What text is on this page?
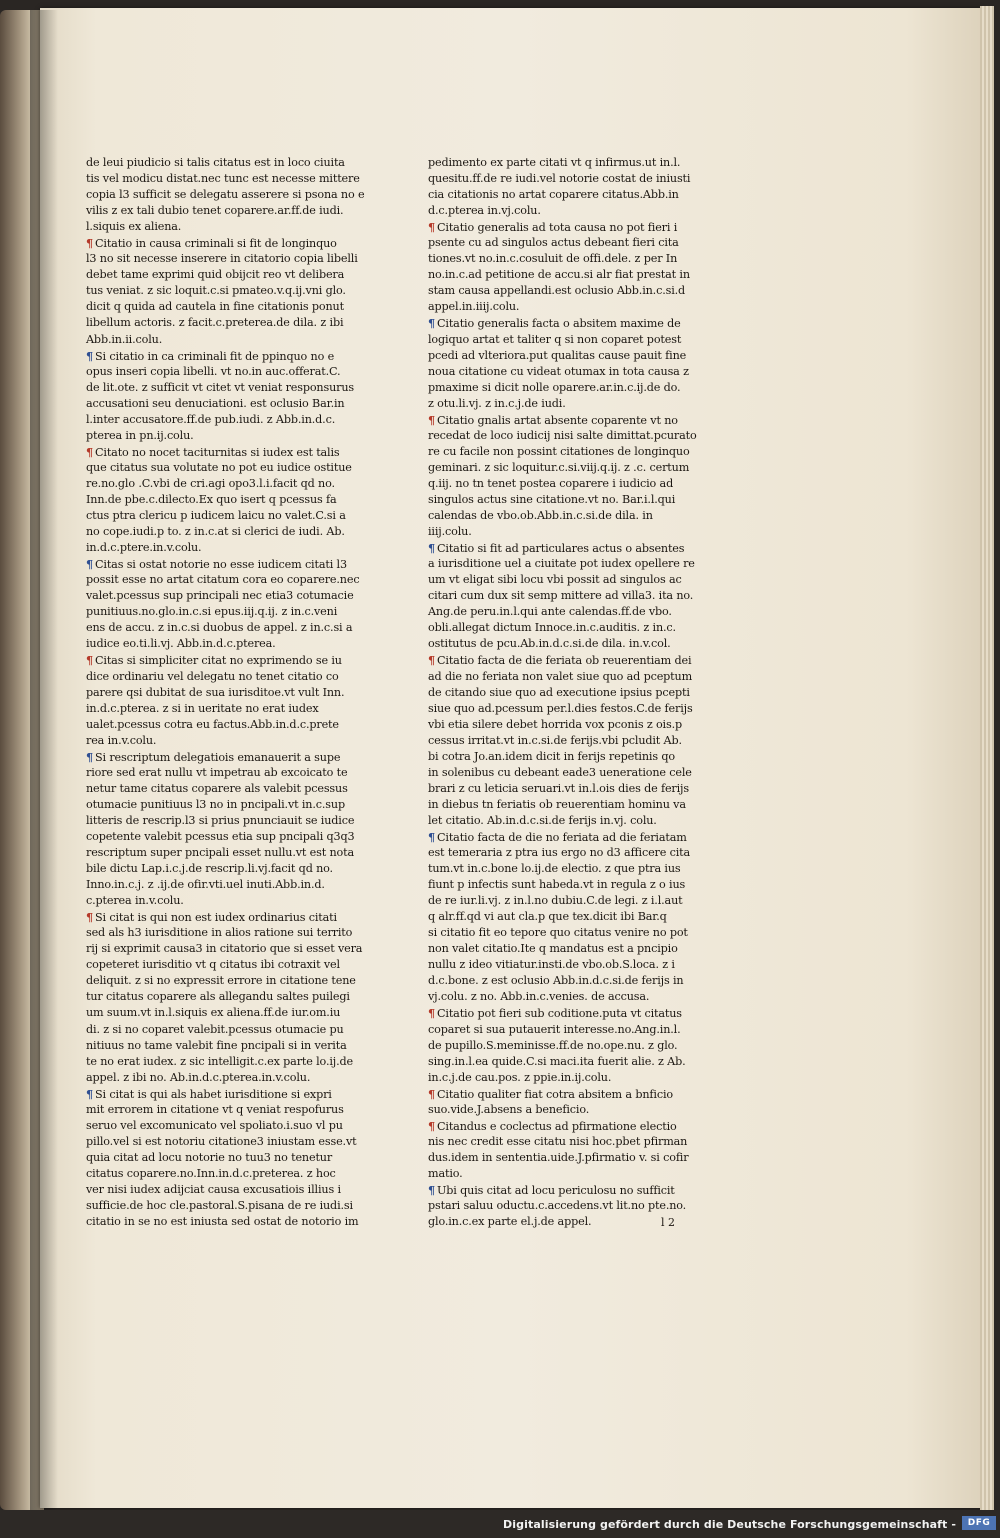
de leui piudicio si talis citatus est in loco ciuita
tis vel modicu distat.nec tunc est necesse mittere
copia l3 sufficit se delegatu asserere si psona no e
vilis z ex tali dubio tenet coparere.ar.ff.de iudi.
l.siquis ex aliena.
¶ Citatio in causa criminali si fit de longinquo
l3 no sit necesse inserere in citatorio copia libelli
debet tame exprimi quid obijcit reo vt delibera
tus veniat. z sic loquit.c.si pmateo.v.q.ij.vni glo.
dicit q quida ad cautela in fine citationis ponut
libellum actoris. z facit.c.preterea.de dila. z ibi
Abb.in.ii.colu.
¶ Si citatio in ca criminali fit de ppinquo no e
opus inseri copia libelli. vt no.in auc.offerat.C.
de lit.ote. z sufficit vt citet vt veniat responsurus
accusationi seu denuciationi. est oclusio Bar.in
l.inter accusatore.ff.de pub.iudi. z Abb.in.d.c.
pterea in pn.ij.colu.
¶ Citato no nocet taciturnitas si iudex est talis
que citatus sua volutate no pot eu iudice ostitue
re.no.glo .C.vbi de cri.agi opo3.l.i.facit qd no.
Inn.de pbe.c.dilecto.Ex quo isert q pcessus fa
ctus ptra clericu p iudicem laicu no valet.C.si a
no cope.iudi.p to. z in.c.at si clerici de iudi. Ab.
in.d.c.ptere.in.v.colu.
¶ Citas si ostat notorie no esse iudicem citati l3
possit esse no artat citatum cora eo coparere.nec
valet.pcessus sup principali nec etia3 cotumacie
punitiuus.no.glo.in.c.si epus.iij.q.ij. z in.c.veni
ens de accu. z in.c.si duobus de appel. z in.c.si a
iudice eo.ti.li.vj. Abb.in.d.c.pterea.
¶ Citas si simpliciter citat no exprimendo se iu
dice ordinariu vel delegatu no tenet citatio co
parere qsi dubitat de sua iurisditoe.vt vult Inn.
in.d.c.pterea. z si in ueritate no erat iudex
ualet.pcessus cotra eu factus.Abb.in.d.c.prete
rea in.v.colu.
¶ Si rescriptum delegatiois emanauerit a supe
riore sed erat nullu vt impetrau ab excoicato te
netur tame citatus coparere als valebit pcessus
otumacie punitiuus l3 no in pncipali.vt in.c.sup
litteris de rescrip.l3 si prius pnunciauit se iudice
copetente valebit pcessus etia sup pncipali q3q3
rescriptum super pncipali esset nullu.vt est nota
bile dictu Lap.i.c.j.de rescrip.li.vj.facit qd no.
Inno.in.c.j. z .ij.de ofir.vti.uel inuti.Abb.in.d.
c.pterea in.v.colu.
¶ Si citat is qui non est iudex ordinarius citati
sed als h3 iurisditione in alios ratione sui territo
rij si exprimit causa3 in citatorio que si esset vera
copeteret iurisditio vt q citatus ibi cotraxit vel
deliquit. z si no expressit errore in citatione tene
tur citatus coparere als allegandu saltes puilegi
um suum.vt in.l.siquis ex aliena.ff.de iur.om.iu
di. z si no coparet valebit.pcessus otumacie pu
nitiuus no tame valebit fine pncipali si in verita
te no erat iudex. z sic intelligit.c.ex parte lo.ij.de
appel. z ibi no. Ab.in.d.c.pterea.in.v.colu.
¶ Si citat is qui als habet iurisditione si expri
mit errorem in citatione vt q veniat respofurus
seruo vel excomunicato vel spoliato.i.suo vl pu
pillo.vel si est notoriu citatione3 iniustam esse.vt
quia citat ad locu notorie no tuu3 no tenetur
citatus coparere.no.Inn.in.d.c.preterea. z hoc
ver nisi iudex adijciat causa excusatiois illius i
sufficie.de hoc cle.pastoral.S.pisana de re iudi.si
citatio in se no est iniusta sed ostat de notorio im
pedimento ex parte citati vt q infirmus.ut in.l.
quesitu.ff.de re iudi.vel notorie costat de iniusti
cia citationis no artat coparere citatus.Abb.in
d.c.pterea in.vj.colu.
¶ Citatio generalis ad tota causa no pot fieri i
psente cu ad singulos actus debeant fieri cita
tiones.vt no.in.c.cosuluit de offi.dele. z per In
no.in.c.ad petitione de accu.si alr fiat prestat in
stam causa appellandi.est oclusio Abb.in.c.si.d
appel.in.iiij.colu.
¶ Citatio generalis facta o absitem maxime de
logiquo artat et taliter q si non coparet potest
pcedi ad vlteriora.put qualitas cause pauit fine
noua citatione cu videat otumax in tota causa z
pmaxime si dicit nolle oparere.ar.in.c.ij.de do.
z otu.li.vj. z in.c.j.de iudi.
¶ Citatio gnalis artat absente coparente vt no
recedat de loco iudicij nisi salte dimittat.pcurato
re cu facile non possint citationes de longinquo
geminari. z sic loquitur.c.si.viij.q.ij. z .c. certum
q.iij. no tn tenet postea coparere i iudicio ad
singulos actus sine citatione.vt no. Bar.i.l.qui
calendas de vbo.ob.Abb.in.c.si.de dila. in
iiij.colu.
¶ Citatio si fit ad particulares actus o absentes
a iurisditione uel a ciuitate pot iudex opellere re
um vt eligat sibi locu vbi possit ad singulos ac
citari cum dux sit semp mittere ad villa3. ita no.
Ang.de peru.in.l.qui ante calendas.ff.de vbo.
obli.allegat dictum Innoce.in.c.auditis. z in.c.
ostitutus de pcu.Ab.in.d.c.si.de dila. in.v.col.
¶ Citatio facta de die feriata ob reuerentiam dei
ad die no feriata non valet siue quo ad pceptum
de citando siue quo ad executione ipsius pcepti
siue quo ad.pcessum per.l.dies festos.C.de ferijs
vbi etia silere debet horrida vox pconis z ois.p
cessus irritat.vt in.c.si.de ferijs.vbi pcludit Ab.
bi cotra Jo.an.idem dicit in ferijs repetinis qo
in solenibus cu debeant eade3 ueneratione cele
brari z cu leticia seruari.vt in.l.ois dies de ferijs
in diebus tn feriatis ob reuerentiam hominu va
let citatio. Ab.in.d.c.si.de ferijs in.vj. colu.
¶ Citatio facta de die no feriata ad die feriatam
est temeraria z ptra ius ergo no d3 afficere cita
tum.vt in.c.bone lo.ij.de electio. z que ptra ius
fiunt p infectis sunt habeda.vt in regula z o ius
de re iur.li.vj. z in.l.no dubiu.C.de legi. z i.l.aut
q alr.ff.qd vi aut cla.p que tex.dicit ibi Bar.q
si citatio fit eo tepore quo citatus venire no pot
non valet citatio.Ite q mandatus est a pncipio
nullu z ideo vitiatur.insti.de vbo.ob.S.loca. z i
d.c.bone. z est oclusio Abb.in.d.c.si.de ferijs in
vj.colu. z no. Abb.in.c.venies. de accusa.
¶ Citatio pot fieri sub coditione.puta vt citatus
coparet si sua putauerit interesse.no.Ang.in.l.
de pupillo.S.meminisse.ff.de no.ope.nu. z glo.
sing.in.l.ea quide.C.si maci.ita fuerit alie. z Ab.
in.c.j.de cau.pos. z ppie.in.ij.colu.
¶ Citatio qualiter fiat cotra absitem a bnficio
suo.vide.J.absens a beneficio.
¶ Citandus e coclectus ad pfirmatione electio
nis nec credit esse citatu nisi hoc.pbet pfirman
dus.idem in sententia.uide.J.pfirmatio v. si cofir
matio.
¶ Ubi quis citat ad locu periculosu no sufficit
pstari saluu oductu.c.accedens.vt lit.no pte.no.
glo.in.c.ex parte el.j.de appel.	l 2
Digitalisierung gefördert durch die Deutsche Forschungsgemeinschaft -	DFG
